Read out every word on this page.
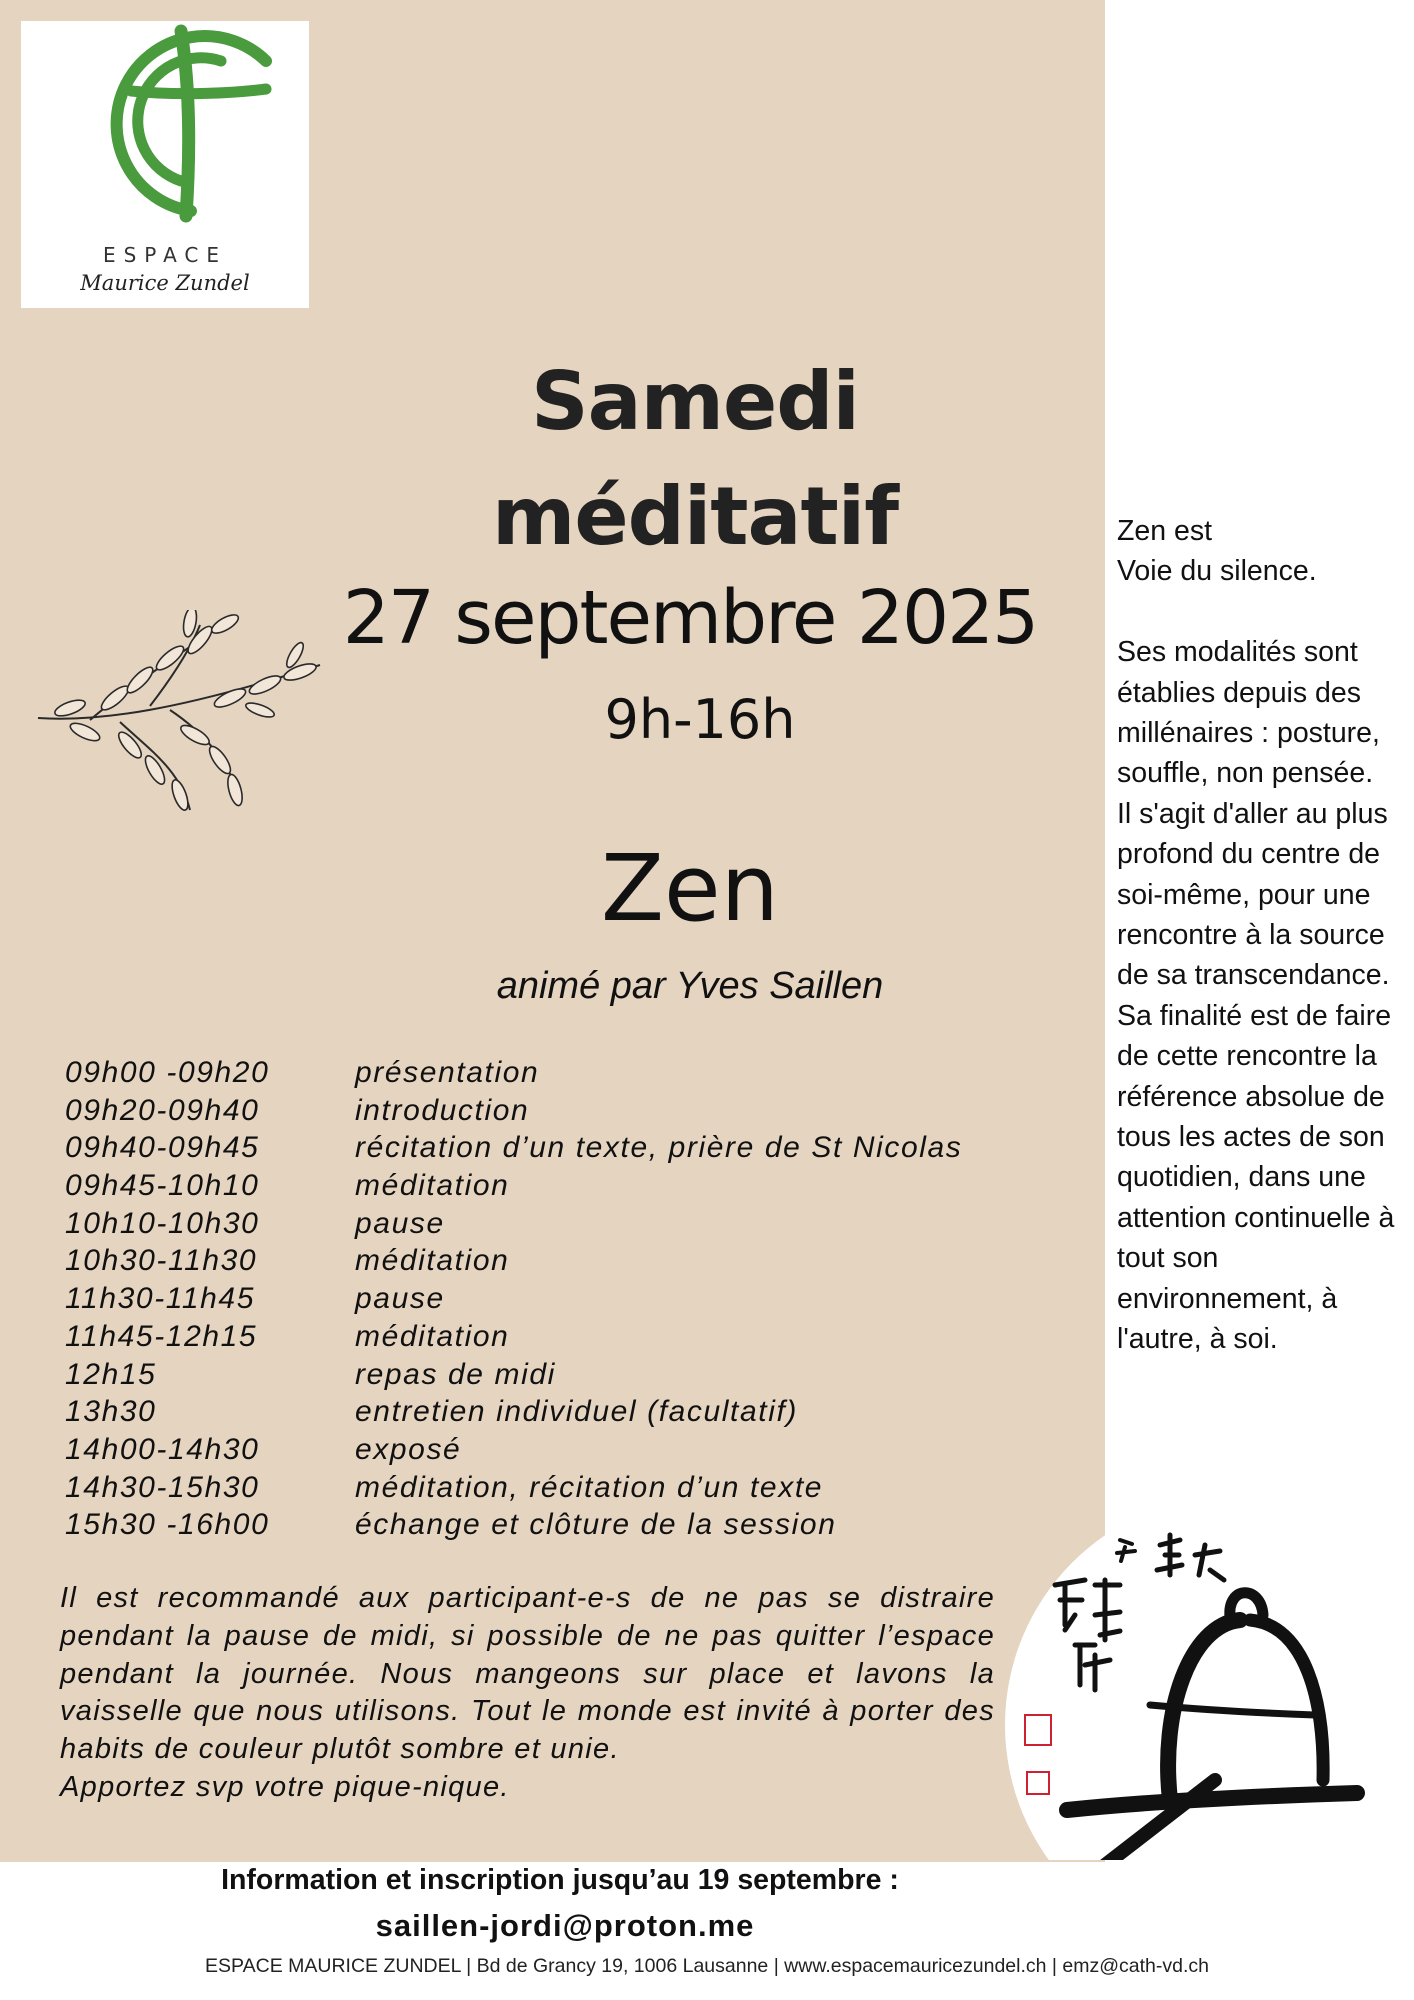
ESPACE
Maurice Zundel
Samedi
méditatif
27 septembre 2025
9h-16h
Zen
animé par Yves Saillen
09h00 -09h20	présentation
09h20-09h40	introduction
09h40-09h45	récitation d’un texte, prière de St Nicolas
09h45-10h10	méditation
10h10-10h30	pause
10h30-11h30	méditation
11h30-11h45	pause
11h45-12h15	méditation
12h15	repas de midi
13h30	entretien individuel (facultatif)
14h00-14h30	exposé
14h30-15h30	méditation, récitation d’un texte
15h30 -16h00	échange et clôture de la session

Il est recommandé aux participant-e-s de ne pas se distraire pendant la pause de midi, si possible de ne pas quitter l’espace pendant la journée. Nous mangeons sur place et lavons la vaisselle que nous utilisons. Tout le monde est invité à porter des habits de couleur plutôt sombre et unie.

Apportez svp votre pique-nique.

Zen est

Voie du silence.

Ses modalités sont établies depuis des millénaires : posture, souffle, non pensée.

Il s'agit d'aller au plus profond du centre de soi-même, pour une rencontre à la source de sa transcendance.

Sa finalité est de faire de cette rencontre la référence absolue de tous les actes de son quotidien, dans une attention continuelle à tout son environnement, à l'autre, à soi.

Information et inscription jusqu’au 19 septembre :
saillen-jordi@proton.me
ESPACE MAURICE ZUNDEL | Bd de Grancy 19, 1006 Lausanne | www.espacemauricezundel.ch | emz@cath-vd.ch
